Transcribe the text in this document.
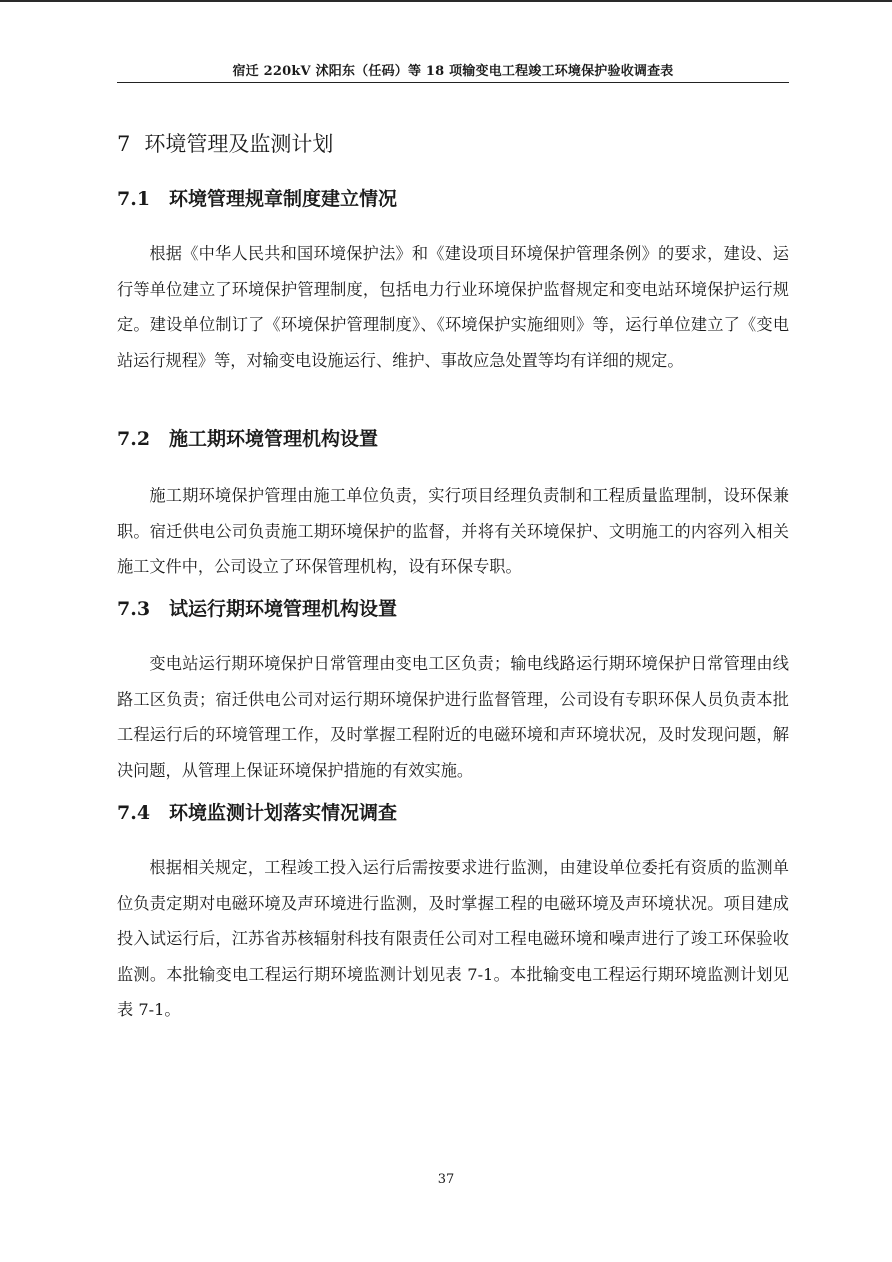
宿迁 220kV 沭阳东（任码）等 18 项输变电工程竣工环境保护验收调查表
7 环境管理及监测计划
7.1 环境管理规章制度建立情况

根据《中华人民共和国环境保护法》和《建设项目环境保护管理条例》的要求，建设、运行等单位建立了环境保护管理制度，包括电力行业环境保护监督规定和变电站环境保护运行规定。建设单位制订了《环境保护管理制度》、《环境保护实施细则》等，运行单位建立了《变电站运行规程》等，对输变电设施运行、维护、事故应急处置等均有详细的规定。

7.2 施工期环境管理机构设置

施工期环境保护管理由施工单位负责，实行项目经理负责制和工程质量监理制，设环保兼职。宿迁供电公司负责施工期环境保护的监督，并将有关环境保护、文明施工的内容列入相关施工文件中，公司设立了环保管理机构，设有环保专职。

7.3 试运行期环境管理机构设置

变电站运行期环境保护日常管理由变电工区负责；输电线路运行期环境保护日常管理由线路工区负责；宿迁供电公司对运行期环境保护进行监督管理，公司设有专职环保人员负责本批工程运行后的环境管理工作，及时掌握工程附近的电磁环境和声环境状况，及时发现问题，解决问题，从管理上保证环境保护措施的有效实施。

7.4 环境监测计划落实情况调查

根据相关规定，工程竣工投入运行后需按要求进行监测，由建设单位委托有资质的监测单位负责定期对电磁环境及声环境进行监测，及时掌握工程的电磁环境及声环境状况。项目建成投入试运行后，江苏省苏核辐射科技有限责任公司对工程电磁环境和噪声进行了竣工环保验收监测。本批输变电工程运行期环境监测计划见表 7-1。本批输变电工程运行期环境监测计划见表 7-1。

37
